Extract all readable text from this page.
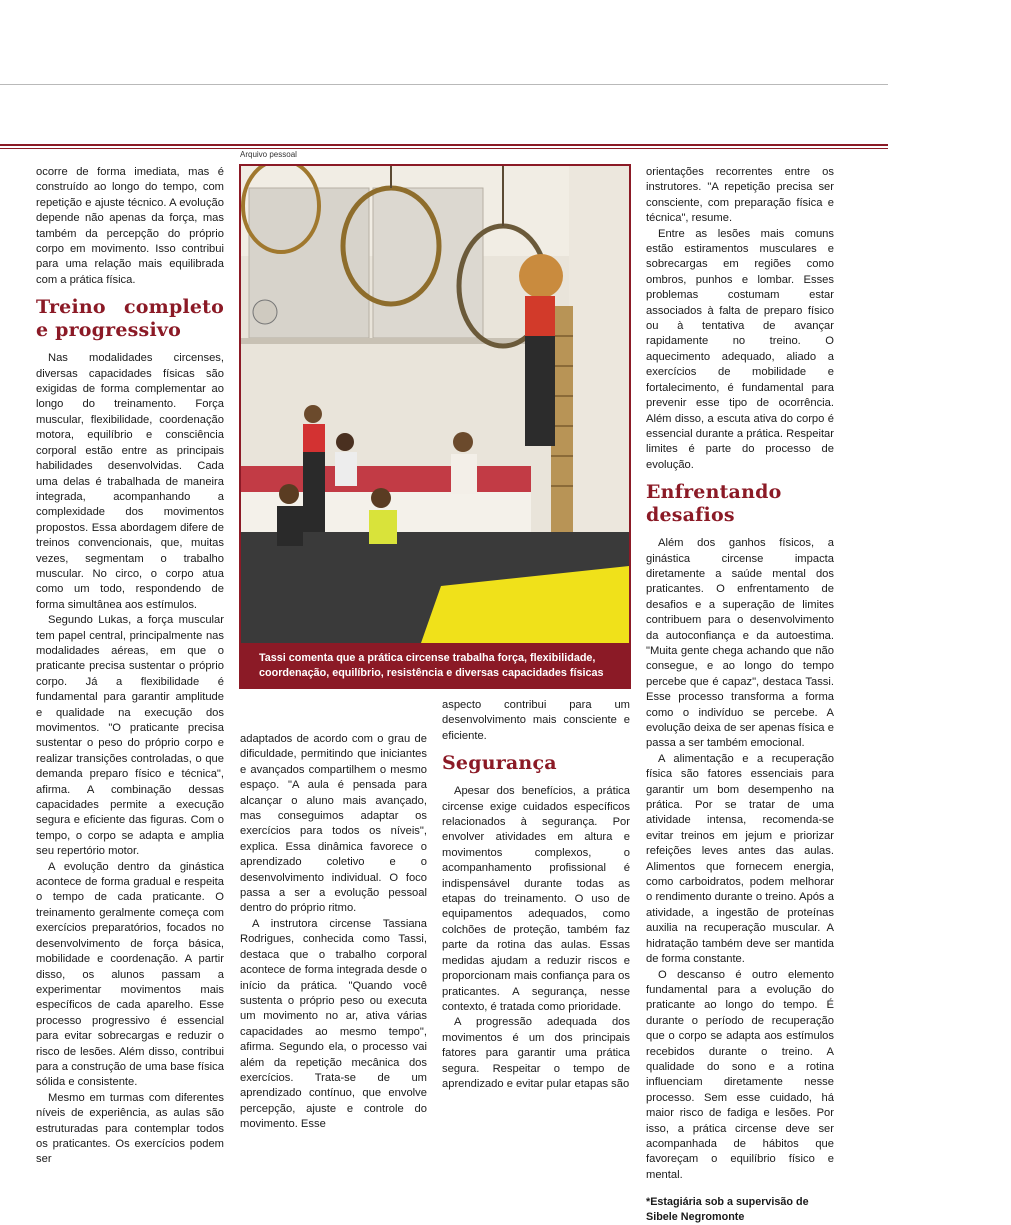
Arquivo pessoal

ocorre de forma imediata, mas é construído ao longo do tempo, com repetição e ajuste técnico. A evolução depende não apenas da força, mas também da percepção do próprio corpo em movimento. Isso contribui para uma relação mais equilibrada com a prática física.

Treino completo e progressivo

Nas modalidades circenses, diversas capacidades físicas são exigidas de forma complementar ao longo do treinamento. Força muscular, flexibilidade, coordenação motora, equilíbrio e consciência corporal estão entre as principais habilidades desenvolvidas. Cada uma delas é trabalhada de maneira integrada, acompanhando a complexidade dos movimentos propostos. Essa abordagem difere de treinos convencionais, que, muitas vezes, segmentam o trabalho muscular. No circo, o corpo atua como um todo, respondendo de forma simultânea aos estímulos.

Segundo Lukas, a força muscular tem papel central, principalmente nas modalidades aéreas, em que o praticante precisa sustentar o próprio corpo. Já a flexibilidade é fundamental para garantir amplitude e qualidade na execução dos movimentos. "O praticante precisa sustentar o peso do próprio corpo e realizar transições controladas, o que demanda preparo físico e técnica", afirma. A combinação dessas capacidades permite a execução segura e eficiente das figuras. Com o tempo, o corpo se adapta e amplia seu repertório motor.

A evolução dentro da ginástica acontece de forma gradual e respeita o tempo de cada praticante. O treinamento geralmente começa com exercícios preparatórios, focados no desenvolvimento de força básica, mobilidade e coordenação. A partir disso, os alunos passam a experimentar movimentos mais específicos de cada aparelho. Esse processo progressivo é essencial para evitar sobrecargas e reduzir o risco de lesões. Além disso, contribui para a construção de uma base física sólida e consistente.

Mesmo em turmas com diferentes níveis de experiência, as aulas são estruturadas para contemplar todos os praticantes. Os exercícios podem ser

Tassi comenta que a prática circense trabalha força, flexibilidade, coordenação, equilíbrio, resistência e diversas capacidades físicas

adaptados de acordo com o grau de dificuldade, permitindo que iniciantes e avançados compartilhem o mesmo espaço. "A aula é pensada para alcançar o aluno mais avançado, mas conseguimos adaptar os exercícios para todos os níveis", explica. Essa dinâmica favorece o aprendizado coletivo e o desenvolvimento individual. O foco passa a ser a evolução pessoal dentro do próprio ritmo.

A instrutora circense Tassiana Rodrigues, conhecida como Tassi, destaca que o trabalho corporal acontece de forma integrada desde o início da prática. "Quando você sustenta o próprio peso ou executa um movimento no ar, ativa várias capacidades ao mesmo tempo", afirma. Segundo ela, o processo vai além da repetição mecânica dos exercícios. Trata-se de um aprendizado contínuo, que envolve percepção, ajuste e controle do movimento. Esse

aspecto contribui para um desenvolvimento mais consciente e eficiente.

Segurança

Apesar dos benefícios, a prática circense exige cuidados específicos relacionados à segurança. Por envolver atividades em altura e movimentos complexos, o acompanhamento profissional é indispensável durante todas as etapas do treinamento. O uso de equipamentos adequados, como colchões de proteção, também faz parte da rotina das aulas. Essas medidas ajudam a reduzir riscos e proporcionam mais confiança para os praticantes. A segurança, nesse contexto, é tratada como prioridade.

A progressão adequada dos movimentos é um dos principais fatores para garantir uma prática segura. Respeitar o tempo de aprendizado e evitar pular etapas são

orientações recorrentes entre os instrutores. "A repetição precisa ser consciente, com preparação física e técnica", resume.

Entre as lesões mais comuns estão estiramentos musculares e sobrecargas em regiões como ombros, punhos e lombar. Esses problemas costumam estar associados à falta de preparo físico ou à tentativa de avançar rapidamente no treino. O aquecimento adequado, aliado a exercícios de mobilidade e fortalecimento, é fundamental para prevenir esse tipo de ocorrência. Além disso, a escuta ativa do corpo é essencial durante a prática. Respeitar limites é parte do processo de evolução.

Enfrentando desafios

Além dos ganhos físicos, a ginástica circense impacta diretamente a saúde mental dos praticantes. O enfrentamento de desafios e a superação de limites contribuem para o desenvolvimento da autoconfiança e da autoestima. "Muita gente chega achando que não consegue, e ao longo do tempo percebe que é capaz", destaca Tassi. Esse processo transforma a forma como o indivíduo se percebe. A evolução deixa de ser apenas física e passa a ser também emocional.

A alimentação e a recuperação física são fatores essenciais para garantir um bom desempenho na prática. Por se tratar de uma atividade intensa, recomenda-se evitar treinos em jejum e priorizar refeições leves antes das aulas. Alimentos que fornecem energia, como carboidratos, podem melhorar o rendimento durante o treino. Após a atividade, a ingestão de proteínas auxilia na recuperação muscular. A hidratação também deve ser mantida de forma constante.

O descanso é outro elemento fundamental para a evolução do praticante ao longo do tempo. É durante o período de recuperação que o corpo se adapta aos estímulos recebidos durante o treino. A qualidade do sono e a rotina influenciam diretamente nesse processo. Sem esse cuidado, há maior risco de fadiga e lesões. Por isso, a prática circense deve ser acompanhada de hábitos que favoreçam o equilíbrio físico e mental.

*Estagiária sob a supervisão de Sibele Negromonte
